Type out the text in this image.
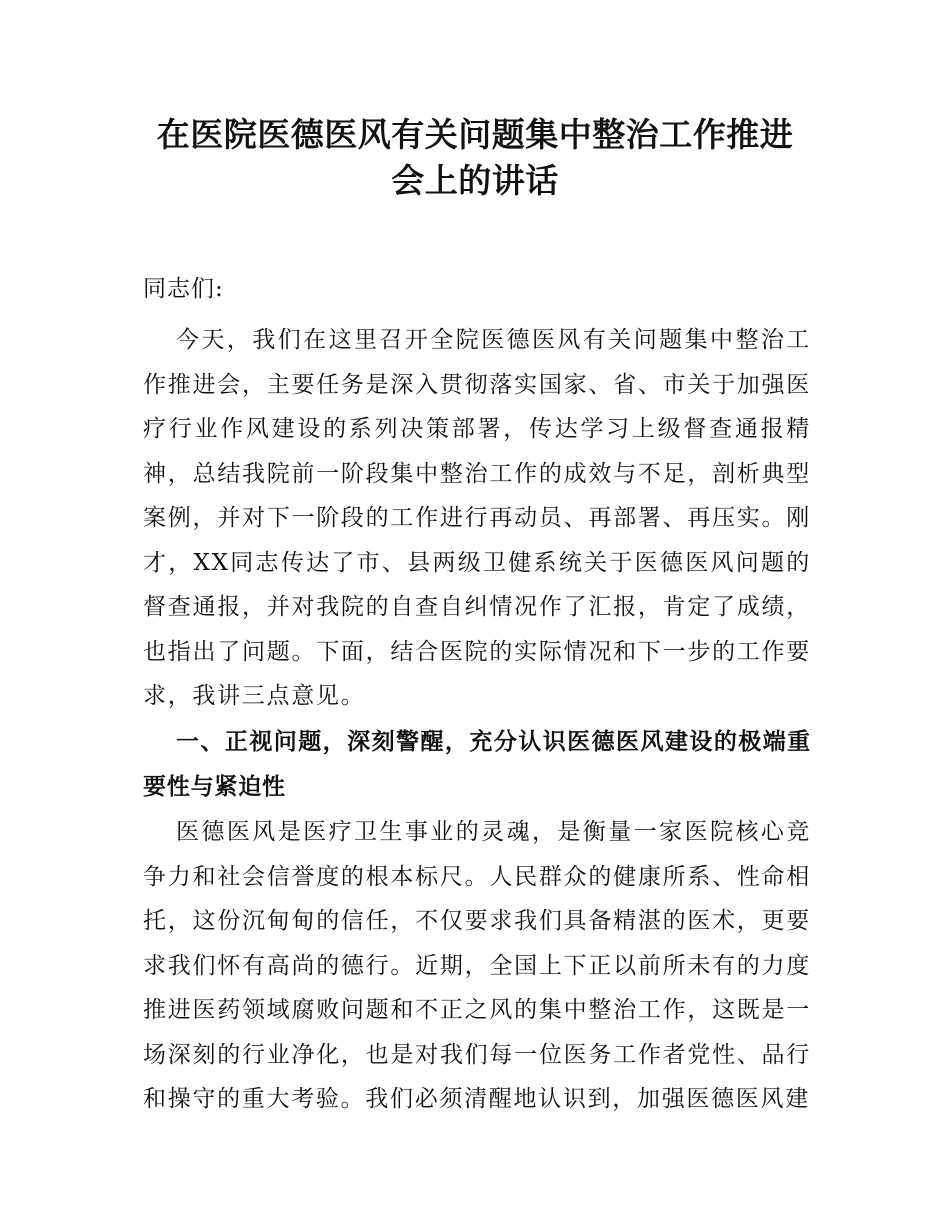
在医院医德医风有关问题集中整治工作推进
会上的讲话

同志们:

今天，我们在这里召开全院医德医风有关问题集中整治工作推进会，主要任务是深入贯彻落实国家、省、市关于加强医疗行业作风建设的系列决策部署，传达学习上级督查通报精神，总结我院前一阶段集中整治工作的成效与不足，剖析典型案例，并对下一阶段的工作进行再动员、再部署、再压实。刚才，XX同志传达了市、县两级卫健系统关于医德医风问题的督查通报，并对我院的自查自纠情况作了汇报，肯定了成绩，也指出了问题。下面，结合医院的实际情况和下一步的工作要求，我讲三点意见。

一、正视问题，深刻警醒，充分认识医德医风建设的极端重要性与紧迫性

医德医风是医疗卫生事业的灵魂，是衡量一家医院核心竞争力和社会信誉度的根本标尺。人民群众的健康所系、性命相托，这份沉甸甸的信任，不仅要求我们具备精湛的医术，更要求我们怀有高尚的德行。近期，全国上下正以前所未有的力度推进医药领域腐败问题和不正之风的集中整治工作，这既是一场深刻的行业净化，也是对我们每一位医务工作者党性、品行和操守的重大考验。我们必须清醒地认识到，加强医德医风建
